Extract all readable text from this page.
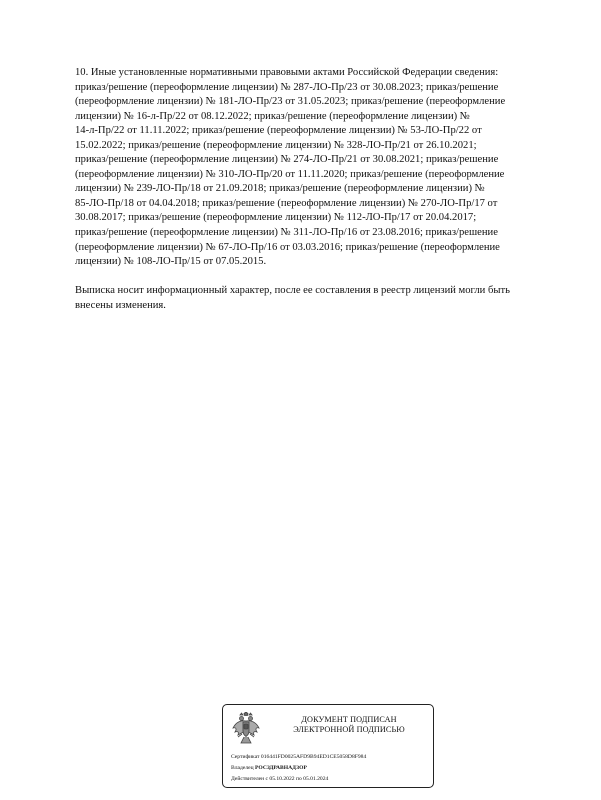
10. Иные установленные нормативными правовыми актами Российской Федерации сведения:
приказ/решение (переоформление лицензии) № 287-ЛО-Пр/23 от 30.08.2023; приказ/решение
(переоформление лицензии) № 181-ЛО-Пр/23 от 31.05.2023; приказ/решение (переоформление
лицензии) № 16-л-Пр/22 от 08.12.2022; приказ/решение (переоформление лицензии) №
14-л-Пр/22 от 11.11.2022; приказ/решение (переоформление лицензии) № 53-ЛО-Пр/22 от
15.02.2022; приказ/решение (переоформление лицензии) № 328-ЛО-Пр/21 от 26.10.2021;
приказ/решение (переоформление лицензии) № 274-ЛО-Пр/21 от 30.08.2021; приказ/решение
(переоформление лицензии) № 310-ЛО-Пр/20 от 11.11.2020; приказ/решение (переоформление
лицензии) № 239-ЛО-Пр/18 от 21.09.2018; приказ/решение (переоформление лицензии) №
85-ЛО-Пр/18 от 04.04.2018; приказ/решение (переоформление лицензии) № 270-ЛО-Пр/17 от
30.08.2017; приказ/решение (переоформление лицензии) № 112-ЛО-Пр/17 от 20.04.2017;
приказ/решение (переоформление лицензии) № 311-ЛО-Пр/16 от 23.08.2016; приказ/решение
(переоформление лицензии) № 67-ЛО-Пр/16 от 03.03.2016; приказ/решение (переоформление
лицензии) № 108-ЛО-Пр/15 от 07.05.2015.

Выписка носит информационный характер, после ее составления в реестр лицензий могли быть
внесены изменения.

ДОКУМЕНТ ПОДПИСАН
ЭЛЕКТРОННОЙ ПОДПИСЬЮ
Сертификат 016441FD0025AFD9B94ED1CE5058D8F984
Владелец РОСЗДРАВНАДЗОР
Действителен с 05.10.2022 по 05.01.2024
